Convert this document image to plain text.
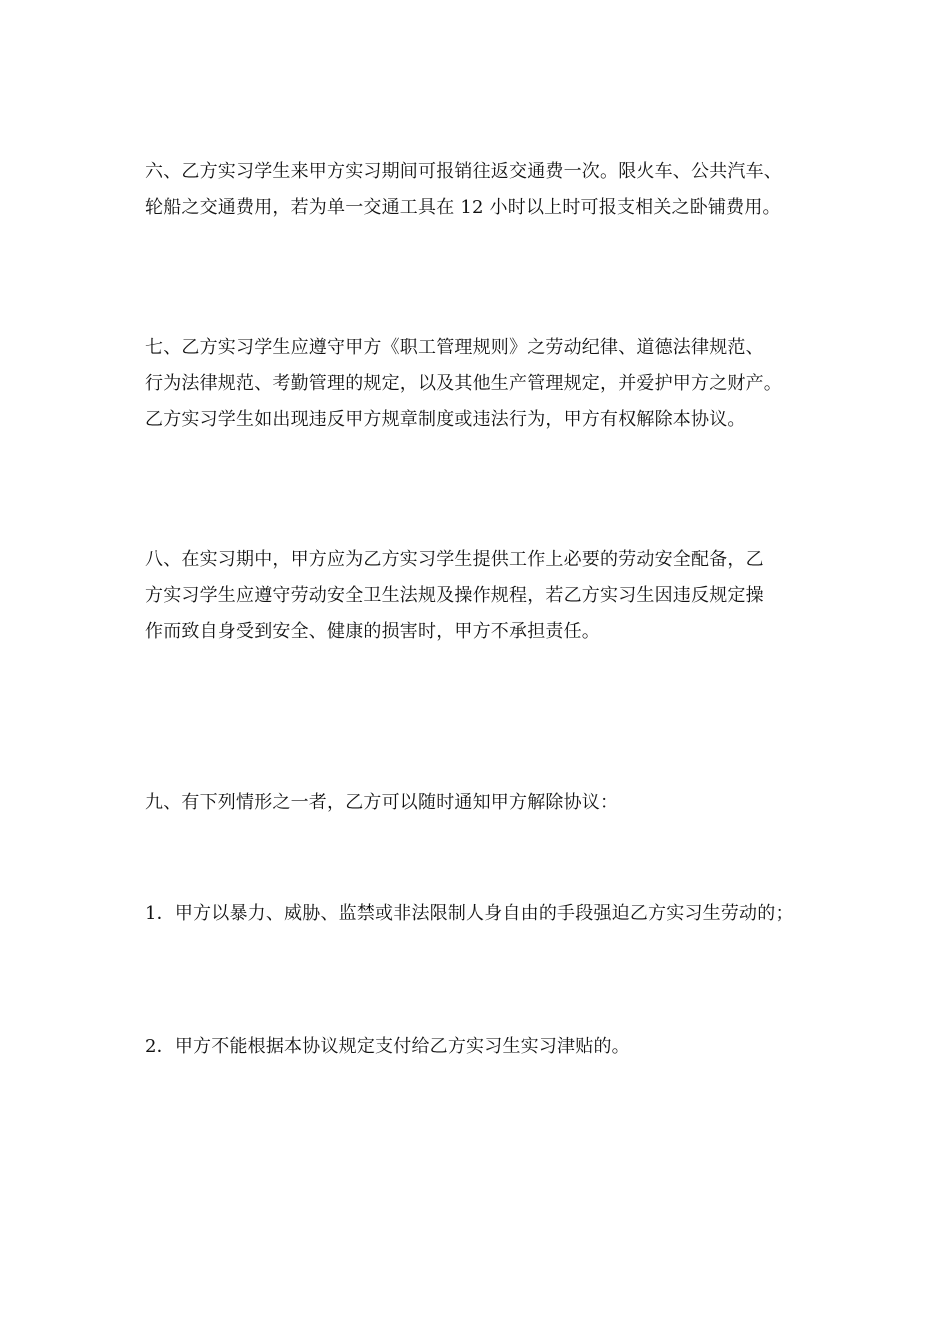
六、乙方实习学生来甲方实习期间可报销往返交通费一次。限火车、公共汽车、
轮船之交通费用，若为单一交通工具在 12 小时以上时可报支相关之卧铺费用。

七、乙方实习学生应遵守甲方《职工管理规则》之劳动纪律、道德法律规范、
行为法律规范、考勤管理的规定，以及其他生产管理规定，并爱护甲方之财产。
乙方实习学生如出现违反甲方规章制度或违法行为，甲方有权解除本协议。

八、在实习期中，甲方应为乙方实习学生提供工作上必要的劳动安全配备，乙
方实习学生应遵守劳动安全卫生法规及操作规程，若乙方实习生因违反规定操
作而致自身受到安全、健康的损害时，甲方不承担责任。

九、有下列情形之一者，乙方可以随时通知甲方解除协议：

1．甲方以暴力、威胁、监禁或非法限制人身自由的手段强迫乙方实习生劳动的；

2．甲方不能根据本协议规定支付给乙方实习生实习津贴的。
